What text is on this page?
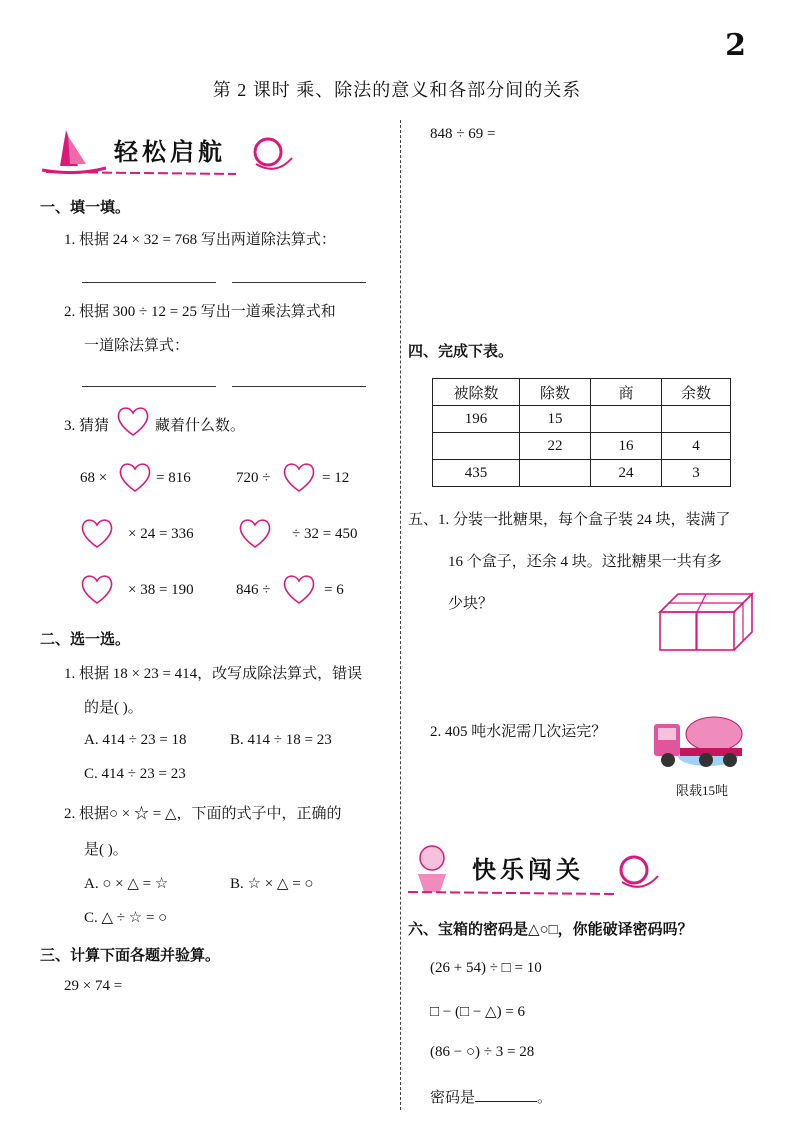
2
第 2 课时 乘、除法的意义和各部分间的关系
轻松启航
一、填一填。
1. 根据 24 × 32 = 768 写出两道除法算式：
2. 根据 300 ÷ 12 = 25 写出一道乘法算式和
一道除法算式：
3. 猜猜	藏着什么数。
68 ×	= 816	720 ÷	= 12
× 24 = 336	÷ 32 = 450
× 38 = 190	846 ÷	= 6
二、选一选。
1. 根据 18 × 23 = 414，改写成除法算式，错误
的是( )。
A. 414 ÷ 23 = 18	B. 414 ÷ 18 = 23
C. 414 ÷ 23 = 23
2. 根据○ × ☆ = △，下面的式子中，正确的
是( )。
A. ○ × △ = ☆	B. ☆ × △ = ○
C. △ ÷ ☆ = ○
三、计算下面各题并验算。
29 × 74 =
848 ÷ 69 =
四、完成下表。
被除数	除数	商	余数
196	15		
	22	16	4
435		24	3
五、1. 分装一批糖果，每个盒子装 24 块，装满了
16 个盒子，还余 4 块。这批糖果一共有多
少块？
2. 405 吨水泥需几次运完？
限载15吨
快乐闯关
六、宝箱的密码是△○□，你能破译密码吗？
(26 + 54) ÷ □ = 10
□ − (□ − △) = 6
(86 − ○) ÷ 3 = 28
密码是	。
